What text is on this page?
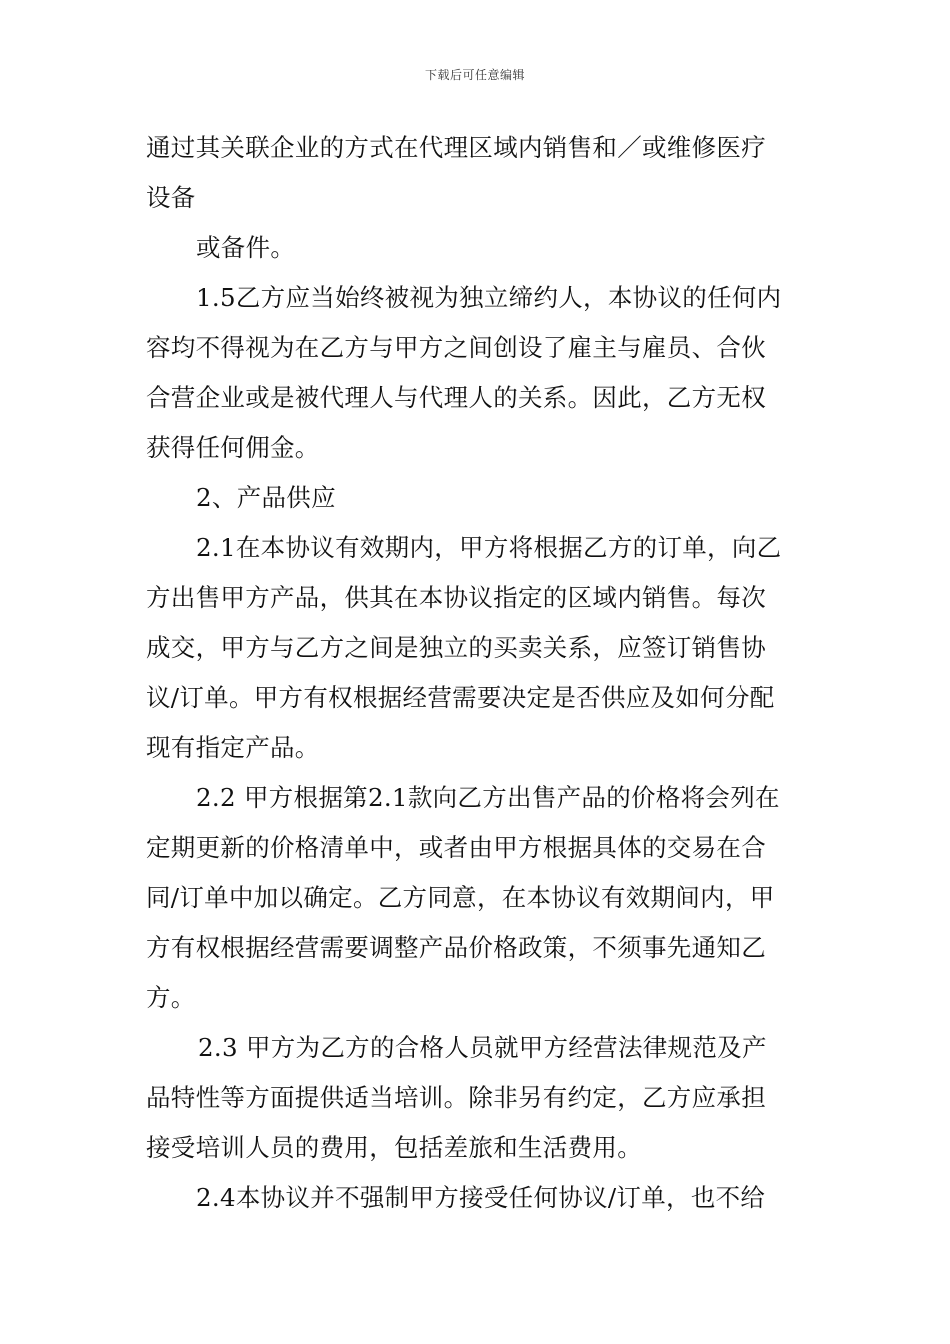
下载后可任意编辑
通过其关联企业的方式在代理区域内销售和／或维修医疗
设备
或备件。
1.5乙方应当始终被视为独立缔约人，本协议的任何内
容均不得视为在乙方与甲方之间创设了雇主与雇员、合伙
合营企业或是被代理人与代理人的关系。因此，乙方无权
获得任何佣金。
2、产品供应
2.1在本协议有效期内，甲方将根据乙方的订单，向乙
方出售甲方产品，供其在本协议指定的区域内销售。每次
成交，甲方与乙方之间是独立的买卖关系，应签订销售协
议/订单。甲方有权根据经营需要决定是否供应及如何分配
现有指定产品。
2.2 甲方根据第2.1款向乙方出售产品的价格将会列在
定期更新的价格清单中，或者由甲方根据具体的交易在合
同/订单中加以确定。乙方同意，在本协议有效期间内，甲
方有权根据经营需要调整产品价格政策，不须事先通知乙
方。
2.3 甲方为乙方的合格人员就甲方经营法律规范及产
品特性等方面提供适当培训。除非另有约定，乙方应承担
接受培训人员的费用，包括差旅和生活费用。
2.4本协议并不强制甲方接受任何协议/订单，也不给
